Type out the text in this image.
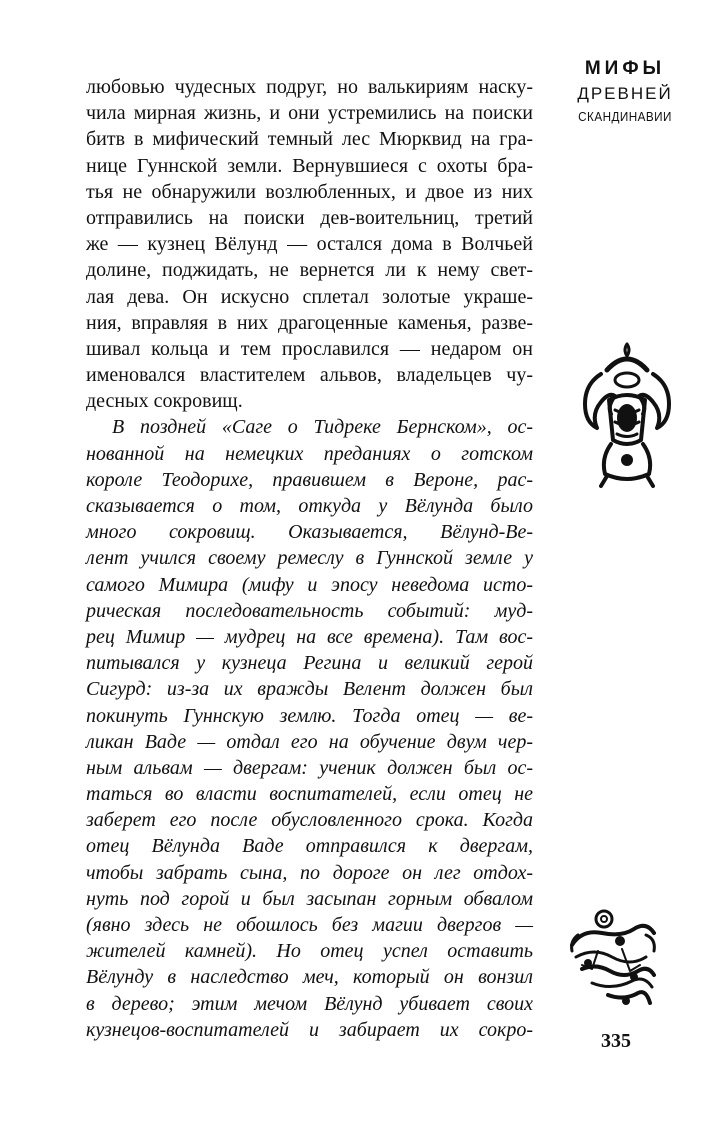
МИФЫ
ДРЕВНЕЙ
СКАНДИНАВИИ
любовью чудесных подруг, но валькириям наску-
чила мирная жизнь, и они устремились на поиски
битв в мифический темный лес Мюрквид на гра-
нице Гуннской земли. Вернувшиеся с охоты бра-
тья не обнаружили возлюбленных, и двое из них
отправились на поиски дев-воительниц, третий
же — кузнец Вёлунд — остался дома в Волчьей
долине, поджидать, не вернется ли к нему свет-
лая дева. Он искусно сплетал золотые украше-
ния, вправляя в них драгоценные каменья, разве-
шивал кольца и тем прославился — недаром он
именовался властителем альвов, владельцев чу-
десных сокровищ.
В поздней «Саге о Тидреке Бернском», ос-
нованной на немецких преданиях о готском
короле Теодорихе, правившем в Вероне, рас-
сказывается о том, откуда у Вёлунда было
много сокровищ. Оказывается, Вёлунд-Ве-
лент учился своему ремеслу в Гуннской земле у
самого Мимира (мифу и эпосу неведома исто-
рическая последовательность событий: муд-
рец Мимир — мудрец на все времена). Там вос-
питывался у кузнеца Регина и великий герой
Сигурд: из-за их вражды Велент должен был
покинуть Гуннскую землю. Тогда отец — ве-
ликан Ваде — отдал его на обучение двум чер-
ным альвам — двергам: ученик должен был ос-
таться во власти воспитателей, если отец не
заберет его после обусловленного срока. Когда
отец Вёлунда Ваде отправился к двергам,
чтобы забрать сына, по дороге он лег отдох-
нуть под горой и был засыпан горным обвалом
(явно здесь не обошлось без магии двергов —
жителей камней). Но отец успел оставить
Вёлунду в наследство меч, который он вонзил
в дерево; этим мечом Вёлунд убивает своих
кузнецов-воспитателей и забирает их сокро-
335
